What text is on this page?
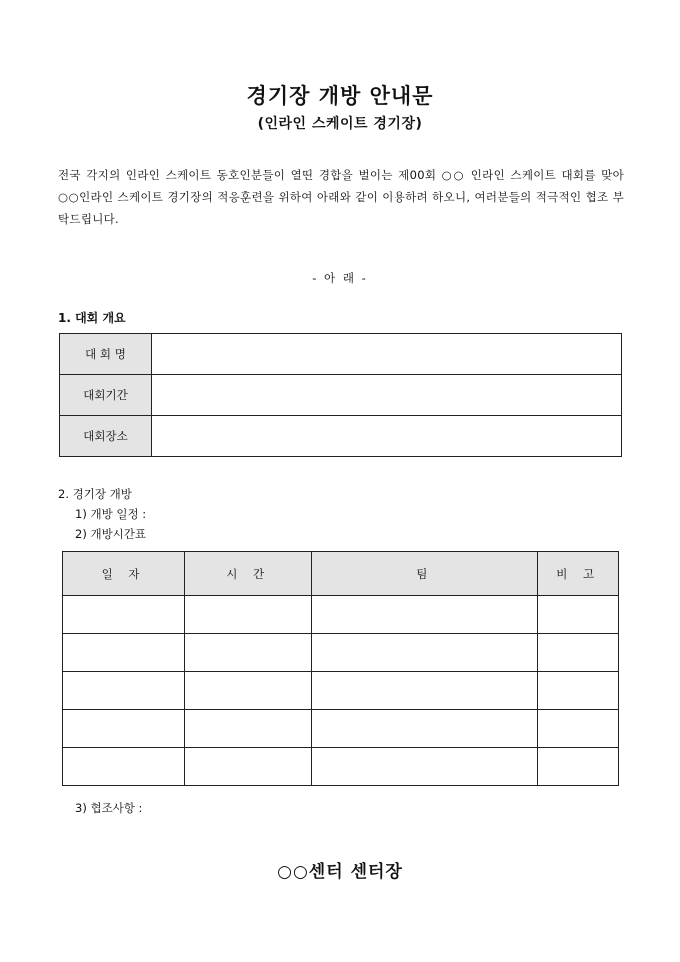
경기장 개방 안내문
(인라인 스케이트 경기장)
전국 각지의 인라인 스케이트 동호인분들이 열띤 경합을 벌이는 제00회 ○○ 인라인 스케이트 대회를 맞아 ○○인라인 스케이트 경기장의 적응훈련을 위하여 아래와 같이 이용하려 하오니, 여러분들의 적극적인 협조 부탁드립니다.
- 아 래 -
1. 대회 개요
대 회 명	
대회기간	
대회장소	
2. 경기장 개방
1) 개방 일정 :
2) 개방시간표
일 자	시 간	팀	비 고

3) 협조사항 :
○○센터 센터장
